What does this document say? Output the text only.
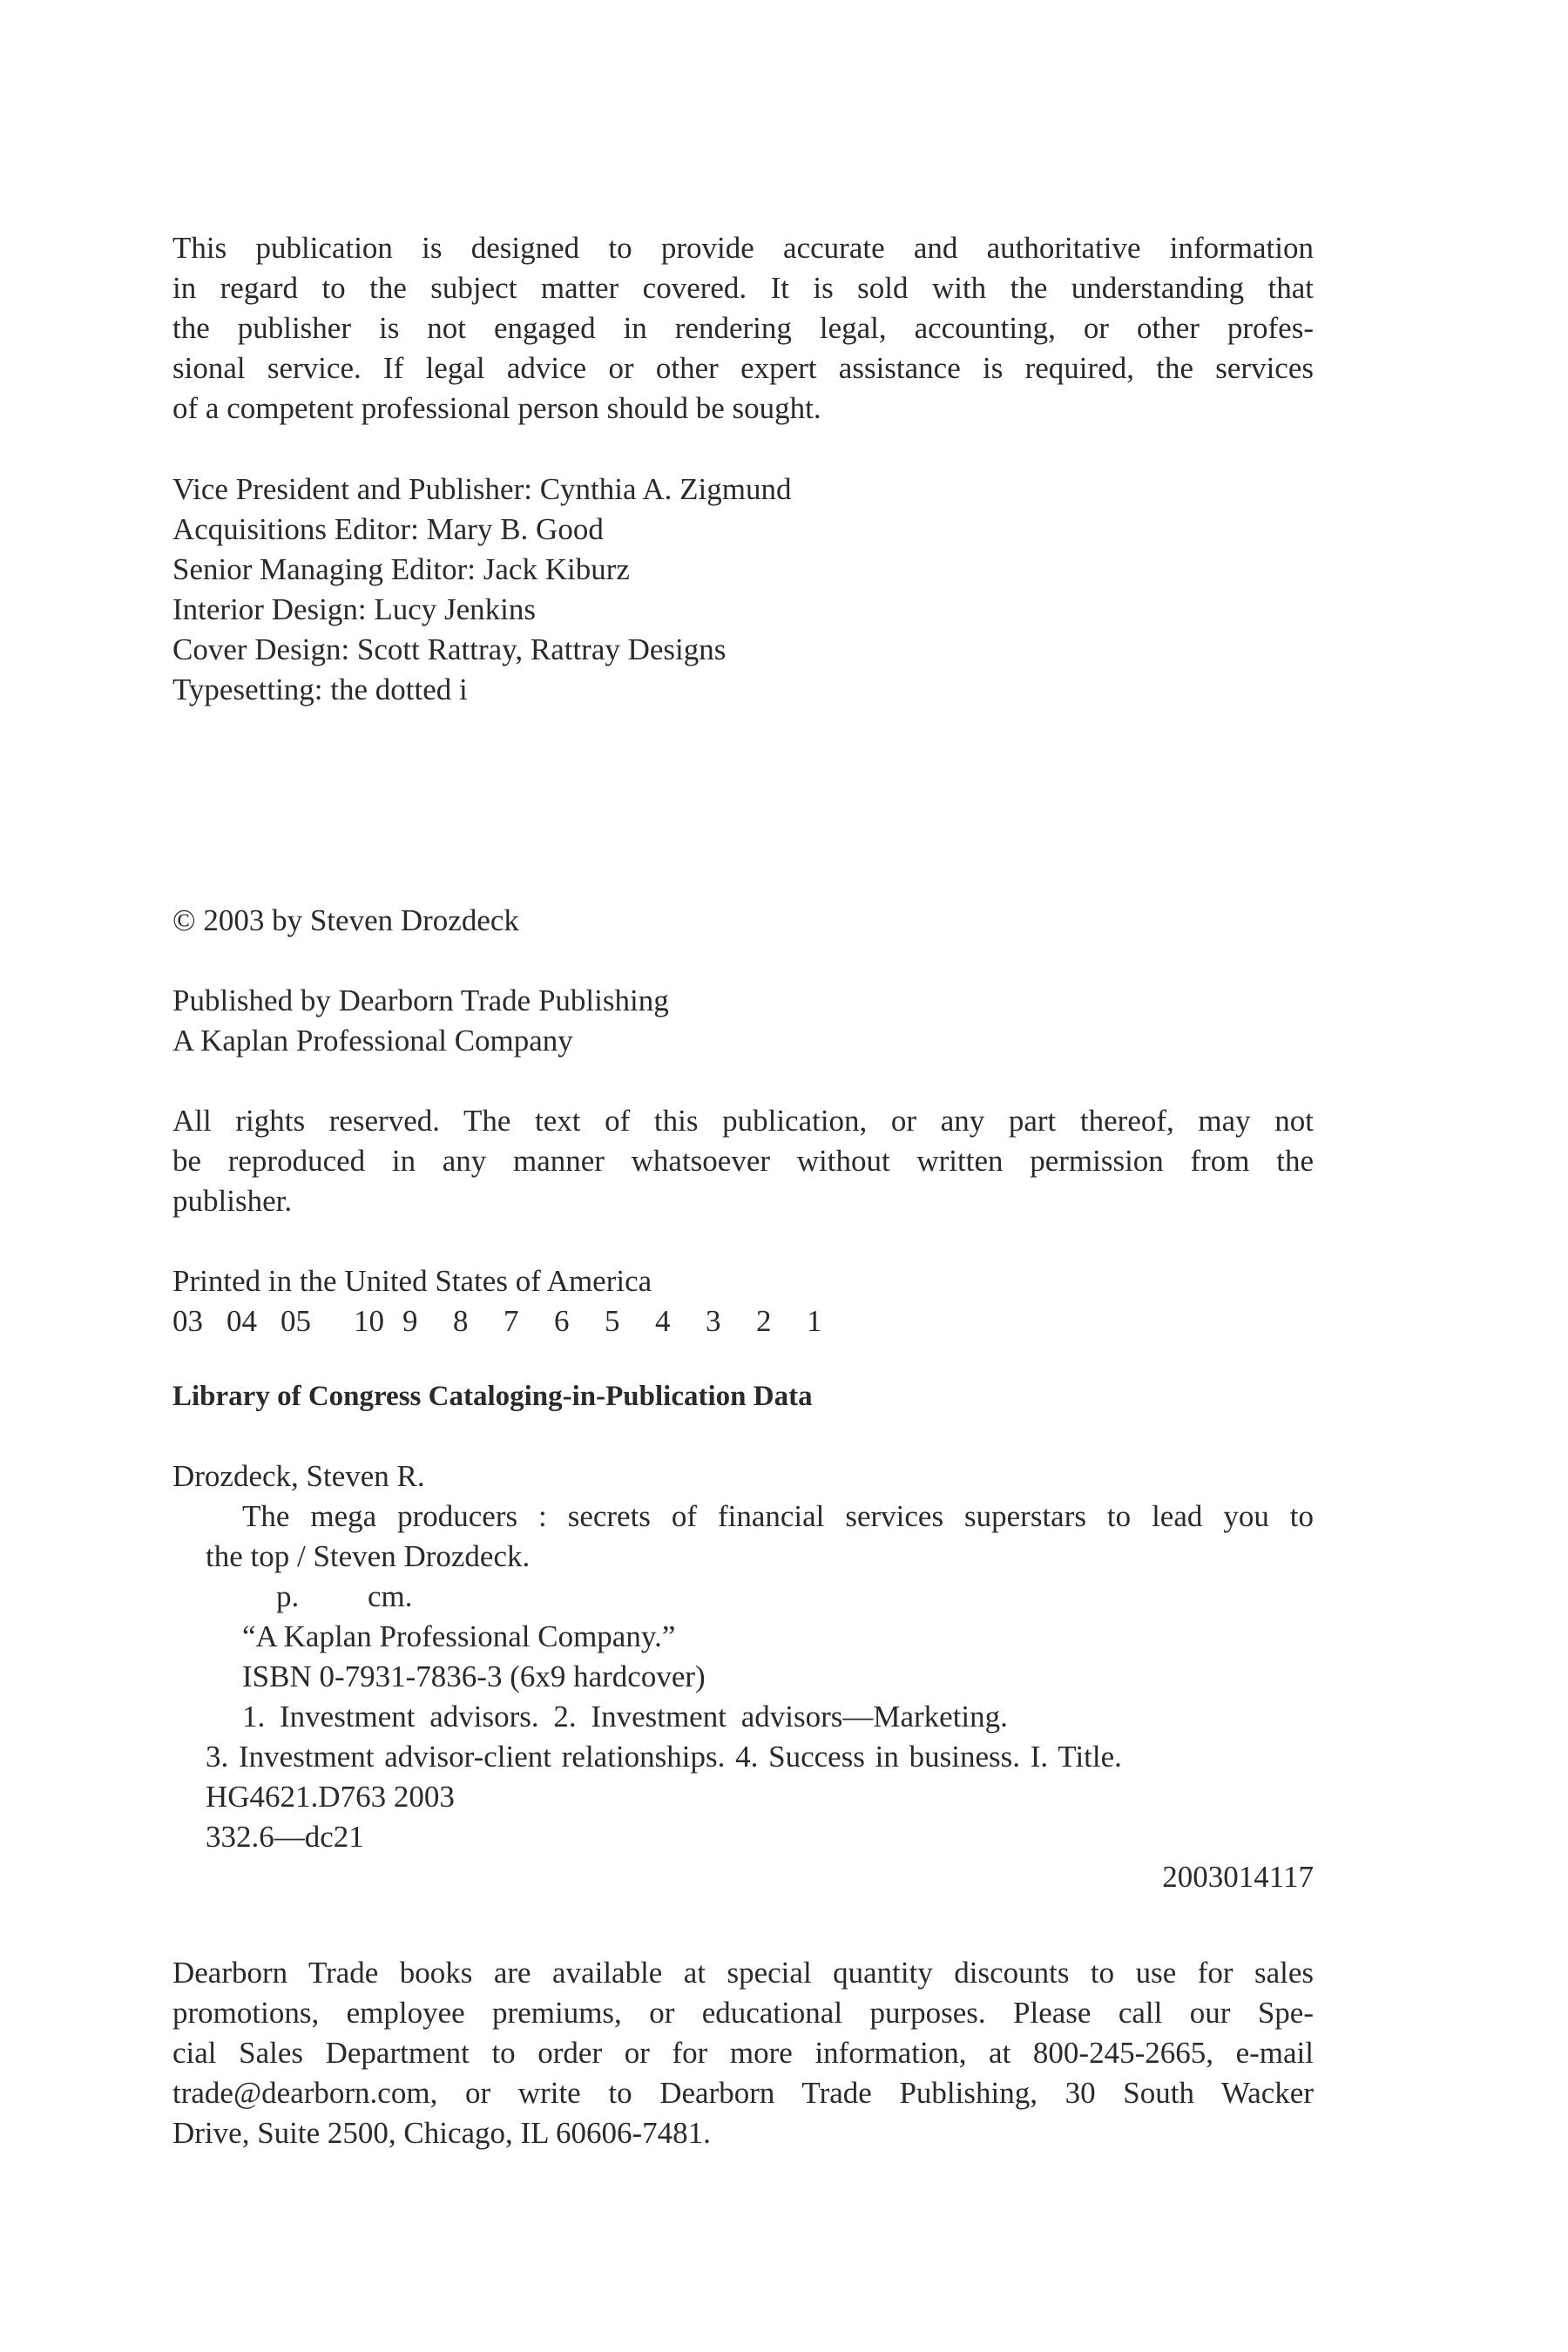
This publication is designed to provide accurate and authoritative information
in regard to the subject matter covered. It is sold with the understanding that
the publisher is not engaged in rendering legal, accounting, or other profes-
sional service. If legal advice or other expert assistance is required, the services
of a competent professional person should be sought.
Vice President and Publisher: Cynthia A. Zigmund
Acquisitions Editor: Mary B. Good
Senior Managing Editor: Jack Kiburz
Interior Design: Lucy Jenkins
Cover Design: Scott Rattray, Rattray Designs
Typesetting: the dotted i
© 2003 by Steven Drozdeck
Published by Dearborn Trade Publishing
A Kaplan Professional Company
All rights reserved. The text of this publication, or any part thereof, may not
be reproduced in any manner whatsoever without written permission from the
publisher.
Printed in the United States of America
03 04 05	10 9	8	7	6	5	4	3	2	1
Library of Congress Cataloging-in-Publication Data
Drozdeck, Steven R.
The mega producers : secrets of financial services superstars to lead you to
the top / Steven Drozdeck.
p. cm.
“A Kaplan Professional Company.”
ISBN 0-7931-7836-3 (6x9 hardcover)
1. Investment advisors. 2. Investment advisors—Marketing.
3. Investment advisor-client relationships. 4. Success in business. I. Title.
HG4621.D763 2003
332.6—dc21
2003014117
Dearborn Trade books are available at special quantity discounts to use for sales
promotions, employee premiums, or educational purposes. Please call our Spe-
cial Sales Department to order or for more information, at 800-245-2665, e-mail
trade@dearborn.com, or write to Dearborn Trade Publishing, 30 South Wacker
Drive, Suite 2500, Chicago, IL 60606-7481.
